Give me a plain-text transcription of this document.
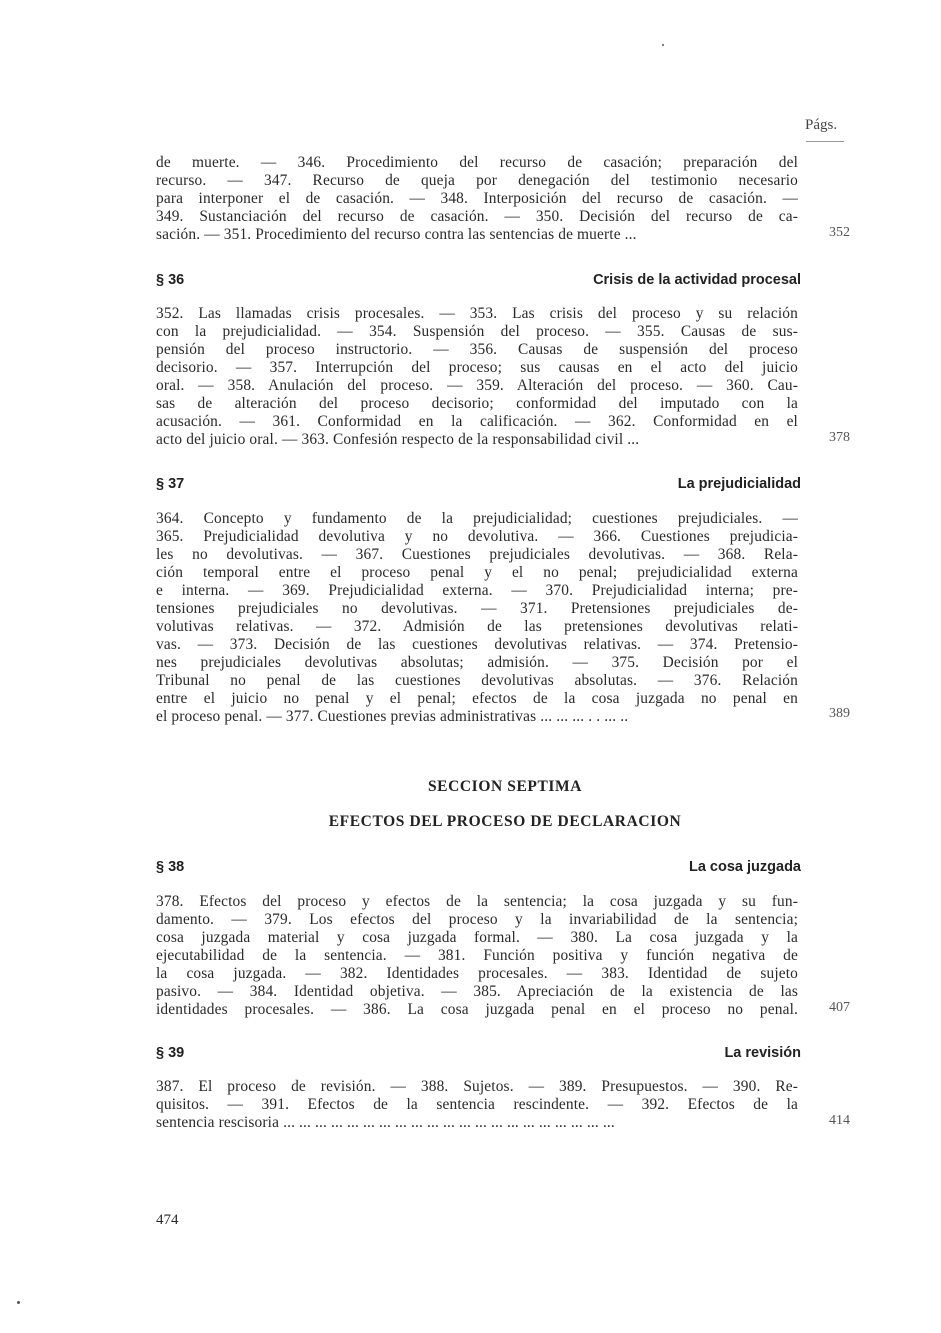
Págs.

de muerte. — 346. Procedimiento del recurso de casación; preparación del

recurso. — 347. Recurso de queja por denegación del testimonio necesario

para interponer el de casación. — 348. Interposición del recurso de casación. —

349. Sustanciación del recurso de casación. — 350. Decisión del recurso de ca-

sación. — 351. Procedimiento del recurso contra las sentencias de muerte ...	352
§ 36	Crisis de la actividad procesal

352. Las llamadas crisis procesales. — 353. Las crisis del proceso y su relación

con la prejudicialidad. — 354. Suspensión del proceso. — 355. Causas de sus-

pensión del proceso instructorio. — 356. Causas de suspensión del proceso

decisorio. — 357. Interrupción del proceso; sus causas en el acto del juicio

oral. — 358. Anulación del proceso. — 359. Alteración del proceso. — 360. Cau-

sas de alteración del proceso decisorio; conformidad del imputado con la

acusación. — 361. Conformidad en la calificación. — 362. Conformidad en el

acto del juicio oral. — 363. Confesión respecto de la responsabilidad civil ...	378
§ 37	La prejudicialidad

364. Concepto y fundamento de la prejudicialidad; cuestiones prejudiciales. —

365. Prejudicialidad devolutiva y no devolutiva. — 366. Cuestiones prejudicia-

les no devolutivas. — 367. Cuestiones prejudiciales devolutivas. — 368. Rela-

ción temporal entre el proceso penal y el no penal; prejudicialidad externa

e interna. — 369. Prejudicialidad externa. — 370. Prejudicialidad interna; pre-

tensiones prejudiciales no devolutivas. — 371. Pretensiones prejudiciales de-

volutivas relativas. — 372. Admisión de las pretensiones devolutivas relati-

vas. — 373. Decisión de las cuestiones devolutivas relativas. — 374. Pretensio-

nes prejudiciales devolutivas absolutas; admisión. — 375. Decisión por el

Tribunal no penal de las cuestiones devolutivas absolutas. — 376. Relación

entre el juicio no penal y el penal; efectos de la cosa juzgada no penal en

el proceso penal. — 377. Cuestiones previas administrativas ... ... ... . . ... ..	389
SECCION SEPTIMA
EFECTOS DEL PROCESO DE DECLARACION
§ 38	La cosa juzgada

378. Efectos del proceso y efectos de la sentencia; la cosa juzgada y su fun-

damento. — 379. Los efectos del proceso y la invariabilidad de la sentencia;

cosa juzgada material y cosa juzgada formal. — 380. La cosa juzgada y la

ejecutabilidad de la sentencia. — 381. Función positiva y función negativa de

la cosa juzgada. — 382. Identidades procesales. — 383. Identidad de sujeto

pasivo. — 384. Identidad objetiva. — 385. Apreciación de la existencia de las

identidades procesales. — 386. La cosa juzgada penal en el proceso no penal. 407
§ 39	La revisión

387. El proceso de revisión. — 388. Sujetos. — 389. Presupuestos. — 390. Re-

quisitos. — 391. Efectos de la sentencia rescindente. — 392. Efectos de la

sentencia rescisoria ... ... ... ... ... ... ... ... ... ... ... ... ... ... ... ... ... ... ... ... ...	414
474
